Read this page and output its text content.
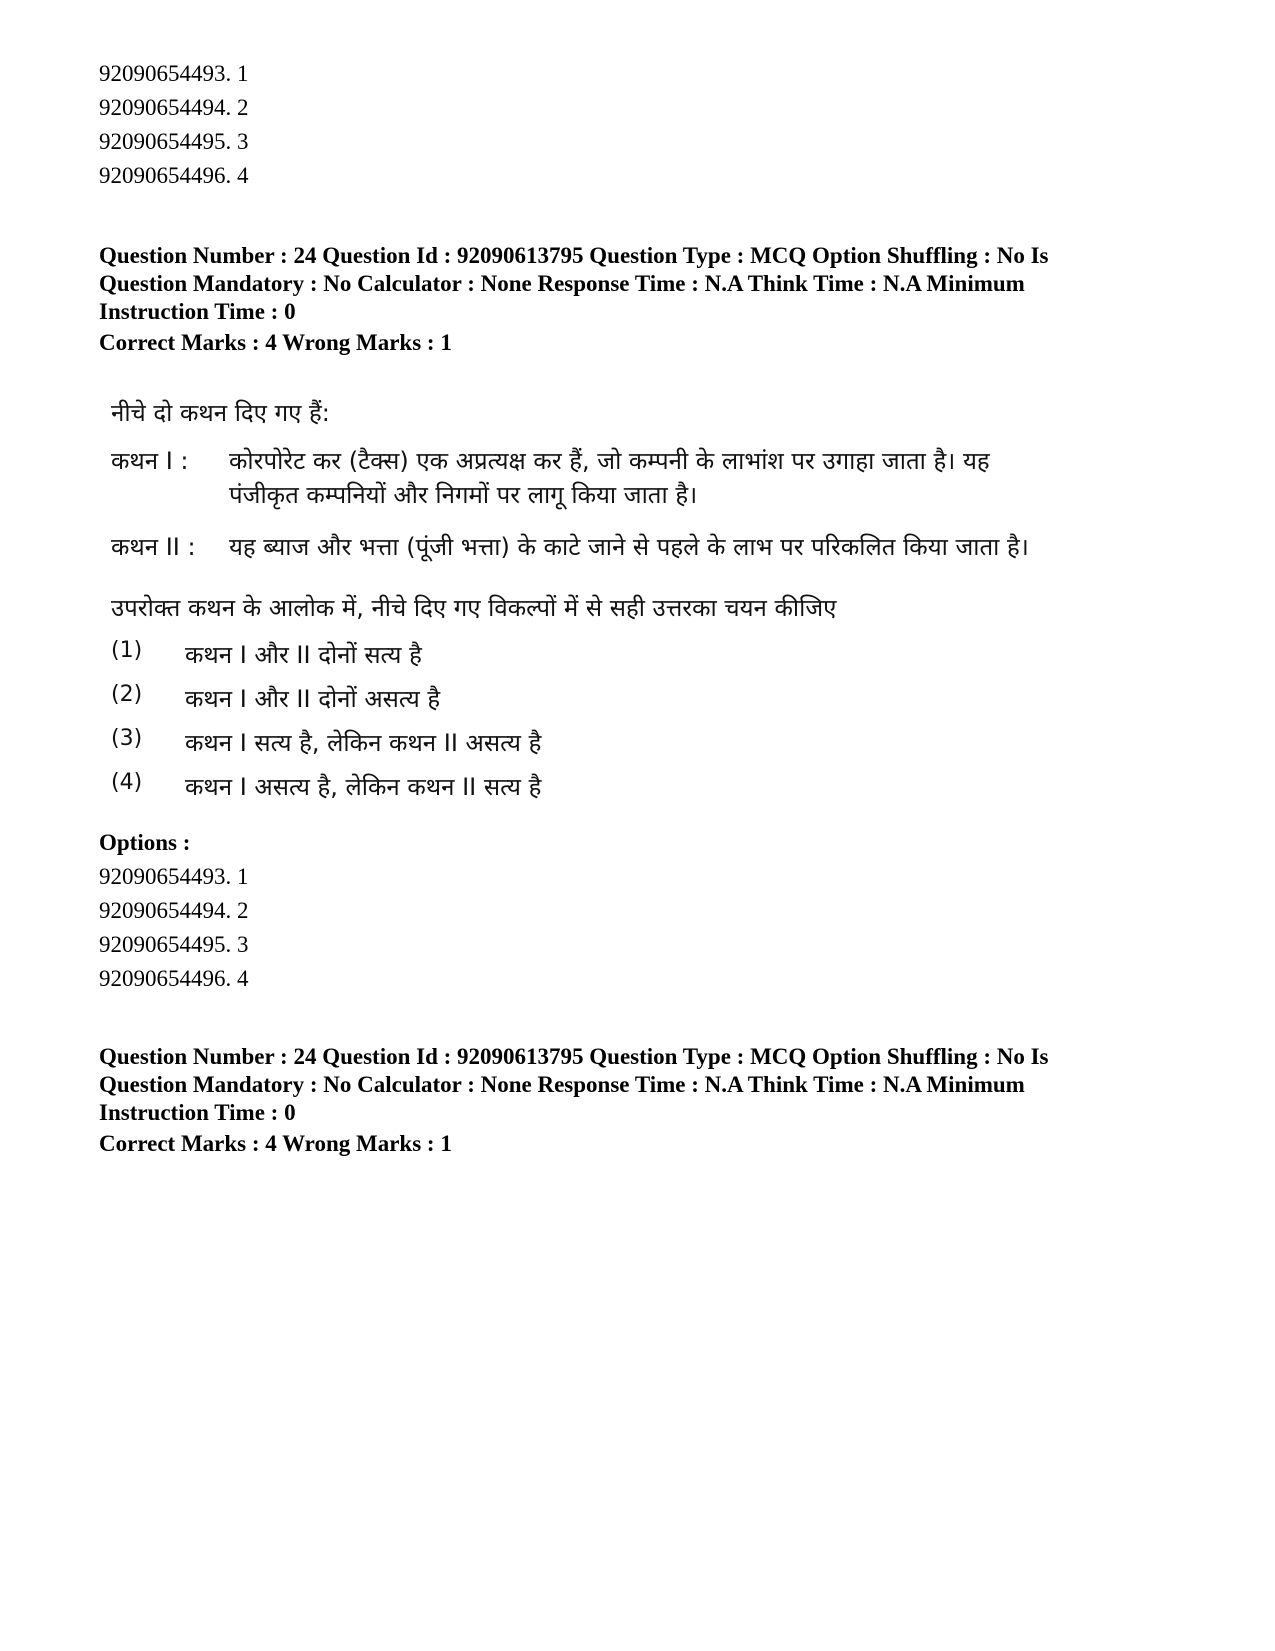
92090654493. 1
92090654494. 2
92090654495. 3
92090654496. 4
Question Number : 24 Question Id : 92090613795 Question Type : MCQ Option Shuffling : No Is
Question Mandatory : No Calculator : None Response Time : N.A Think Time : N.A Minimum
Instruction Time : 0
Correct Marks : 4 Wrong Marks : 1
नीचे दो कथन दिए गए हैं:
कथन I :	कोरपोरेट कर (टैक्स) एक अप्रत्यक्ष कर हैं, जो कम्पनी के लाभांश पर उगाहा जाता है। यह
पंजीकृत कम्पनियों और निगमों पर लागू किया जाता है।
कथन II :	यह ब्याज और भत्ता (पूंजी भत्ता) के काटे जाने से पहले के लाभ पर परिकलित किया जाता है।
उपरोक्त कथन के आलोक में, नीचे दिए गए विकल्पों में से सही उत्तरका चयन कीजिए
(1)	कथन I और II दोनों सत्य है
(2)	कथन I और II दोनों असत्य है
(3)	कथन I सत्य है, लेकिन कथन II असत्य है
(4)	कथन I असत्य है, लेकिन कथन II सत्य है
Options :
92090654493. 1
92090654494. 2
92090654495. 3
92090654496. 4
Question Number : 24 Question Id : 92090613795 Question Type : MCQ Option Shuffling : No Is
Question Mandatory : No Calculator : None Response Time : N.A Think Time : N.A Minimum
Instruction Time : 0
Correct Marks : 4 Wrong Marks : 1
